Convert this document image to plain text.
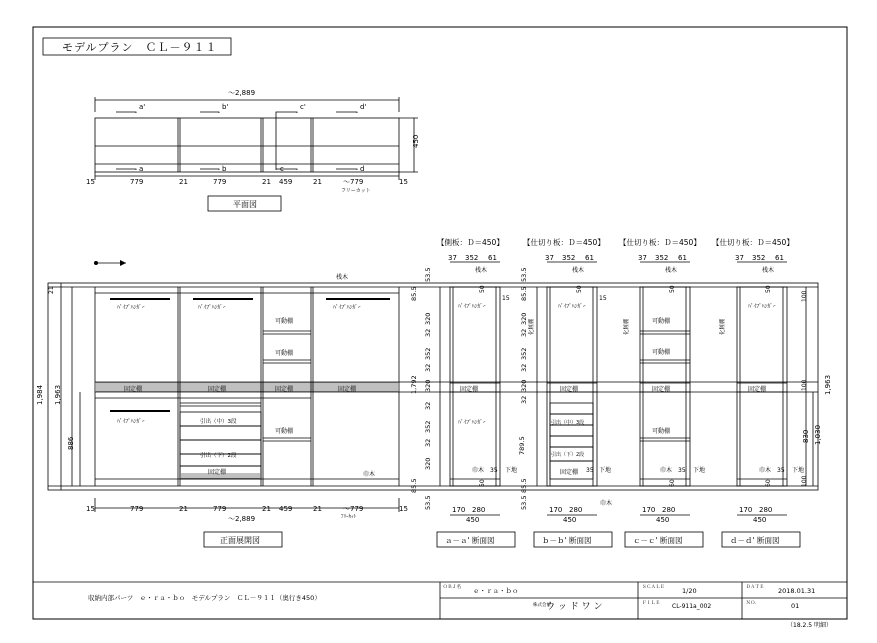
モデルプラン　ＣＬ－９１１
～2,889
a'	b'	c'	d'
a	b	c	d
450
15	779	21	779	21 459	21	～779	15
フリーカット
平面図
【側板：Ｄ＝450】	【仕切り板：Ｄ＝450】 【仕切り板：Ｄ＝450】 【仕切り板：Ｄ＝450】
21
1,984 1,963
886
ﾊﾟｲﾌﾟﾊﾝｶﾞｰ	ﾊﾟｲﾌﾟﾊﾝｶﾞｰ	ﾊﾟｲﾌﾟﾊﾝｶﾞｰ
ﾊﾟｲﾌﾟﾊﾝｶﾞｰ
桟木
可動棚
可動棚
可動棚
固定棚	固定棚	固定棚	固定棚
固定棚
引出（中）3段
引出（下）2段
巾木
15	779	21	779	21 459	21	～779	15
ﾌﾘｰｶｯﾄ
～2,889
正面展開図
37 352 61	37 352 61	37 352 61	37 352 61
桟木	桟木	桟木	桟木
53.5
85.5
320
32
352
32
320
1,792
32
352
32
320
85.5
53.5
53.5
85.5
320
32
352
32
320
32
789.5
85.5
53.5
1,963
1,030
830
100
100
ﾊﾟｲﾌﾟﾊﾝｶﾞｰ
ﾊﾟｲﾌﾟﾊﾝｶﾞｰ
固定棚
ﾊﾟｲﾌﾟﾊﾝｶﾞｰ
固定棚
引出（中）3段
引出（下）2段
固定棚
可動棚
可動棚
可動棚
固定棚
ﾊﾟｲﾌﾟﾊﾝｶﾞｰ
固定棚
化粧棚	化粧棚	化粧棚
巾木 35 下地
巾木
35 下地	巾木 35 下地	巾木 35 下地
50
15
50
50
15
50
60
50
60	100
170 280
450
170 280
450
170 280
450
170 280
450
ａ－ａ' 断面図	ｂ－ｂ' 断面図	ｃ－ｃ' 断面図	ｄ－ｄ' 断面図
収納内部パーツ　ｅ・ｒａ・ｂｏ　モデルプラン　ＣＬ－９１１（奥行き450）
ＯＢＪ名 ｅ・ｒａ・ｂｏ
株式会社
ウ ッ ド ワ ン
ＳＣＡＬＥ	1/20
ＦＩＬＥ CL-911a_002
ＤＡＴＥ 2018.01.31
ＮＯ．	01
（18.2.5 明細）
